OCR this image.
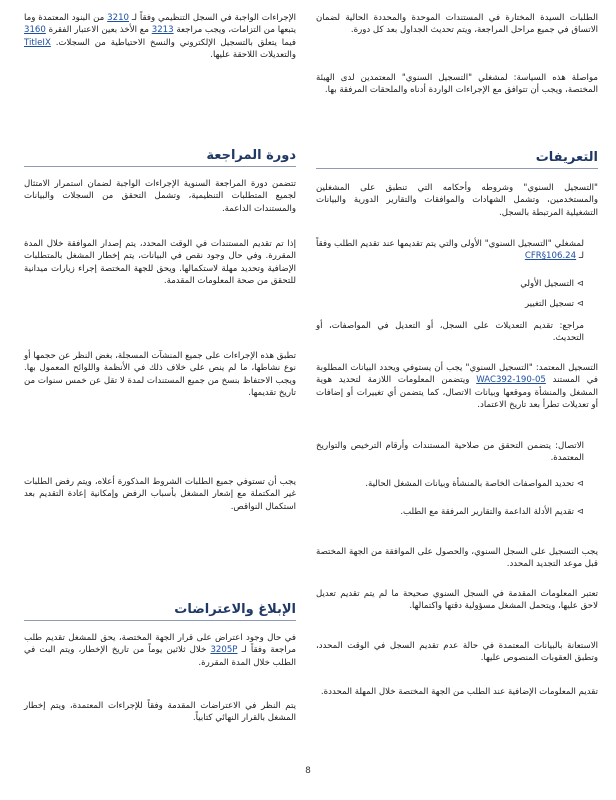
الطلبات السيدة المختارة في المستندات الموحدة والمحددة الحالية لضمان الاتساق في جميع مراحل المراجعة، ويتم تحديث الجداول بعد كل دورة.

مواصلة هذه السياسة: لمشغلي "التسجيل السنوي" المعتمدين لدى الهيئة المختصة، ويجب أن تتوافق مع الإجراءات الواردة أدناه والملحقات المرفقة بها.

التعريفات

"التسجيل السنوي" وشروطه وأحكامه التي تنطبق على المشغلين والمستخدمين، وتشمل الشهادات والموافقات والتقارير الدورية والبيانات التشغيلية المرتبطة بالسجل.

لمشغلي "التسجيل السنوي" الأولى والتي يتم تقديمها عند تقديم الطلب وفقاً لـ CFR§106.24

⊳ التسجيل الأولي

⊳ تسجيل التغيير

مراجع: تقديم التعديلات على السجل، أو التعديل في المواصفات، أو التحديث.

التسجيل المعتمد: "التسجيل السنوي" يجب أن يستوفي ويحدد البيانات المطلوبة في المستند WAC392-190-05 ويتضمن المعلومات اللازمة لتحديد هوية المشغل والمنشأة وموقعها وبيانات الاتصال، كما يتضمن أي تغييرات أو إضافات أو تعديلات تطرأ بعد تاريخ الاعتماد.

الاتصال: يتضمن التحقق من صلاحية المستندات وأرقام الترخيص والتواريخ المعتمدة.

⊳ تحديد المواصفات الخاصة بالمنشأة وبيانات المشغل الحالية.

⊳ تقديم الأدلة الداعمة والتقارير المرفقة مع الطلب.

يجب التسجيل على السجل السنوي، والحصول على الموافقة من الجهة المختصة قبل موعد التجديد المحدد.

تعتبر المعلومات المقدمة في السجل السنوي صحيحة ما لم يتم تقديم تعديل لاحق عليها، ويتحمل المشغل مسؤولية دقتها واكتمالها.

الاستعانة بالبيانات المعتمدة في حالة عدم تقديم السجل في الوقت المحدد، وتطبق العقوبات المنصوص عليها.

تقديم المعلومات الإضافية عند الطلب من الجهة المختصة خلال المهلة المحددة.

الإجراءات الواجبة في السجل التنظيمي وفقاً لـ 3210 من البنود المعتمدة وما يتبعها من التزامات، ويجب مراجعة 3213 مع الأخذ بعين الاعتبار الفقرة 3160 فيما يتعلق بالتسجيل الإلكتروني والنسخ الاحتياطية من السجلات. TitleIX والتعديلات اللاحقة عليها.

دورة المراجعة

تتضمن دورة المراجعة السنوية الإجراءات الواجبة لضمان استمرار الامتثال لجميع المتطلبات التنظيمية، وتشمل التحقق من السجلات والبيانات والمستندات الداعمة.

إذا تم تقديم المستندات في الوقت المحدد، يتم إصدار الموافقة خلال المدة المقررة. وفي حال وجود نقص في البيانات، يتم إخطار المشغل بالمتطلبات الإضافية وتحديد مهلة لاستكمالها. ويحق للجهة المختصة إجراء زيارات ميدانية للتحقق من صحة المعلومات المقدمة.

تطبق هذه الإجراءات على جميع المنشآت المسجلة، بغض النظر عن حجمها أو نوع نشاطها، ما لم ينص على خلاف ذلك في الأنظمة واللوائح المعمول بها. ويجب الاحتفاظ بنسخ من جميع المستندات لمدة لا تقل عن خمس سنوات من تاريخ تقديمها.

يجب أن تستوفي جميع الطلبات الشروط المذكورة أعلاه، ويتم رفض الطلبات غير المكتملة مع إشعار المشغل بأسباب الرفض وإمكانية إعادة التقديم بعد استكمال النواقص.

الإبلاغ والاعتراضات

في حال وجود اعتراض على قرار الجهة المختصة، يحق للمشغل تقديم طلب مراجعة وفقاً لـ 3205P خلال ثلاثين يوماً من تاريخ الإخطار، ويتم البت في الطلب خلال المدة المقررة.

يتم النظر في الاعتراضات المقدمة وفقاً للإجراءات المعتمدة، ويتم إخطار المشغل بالقرار النهائي كتابياً.

8
